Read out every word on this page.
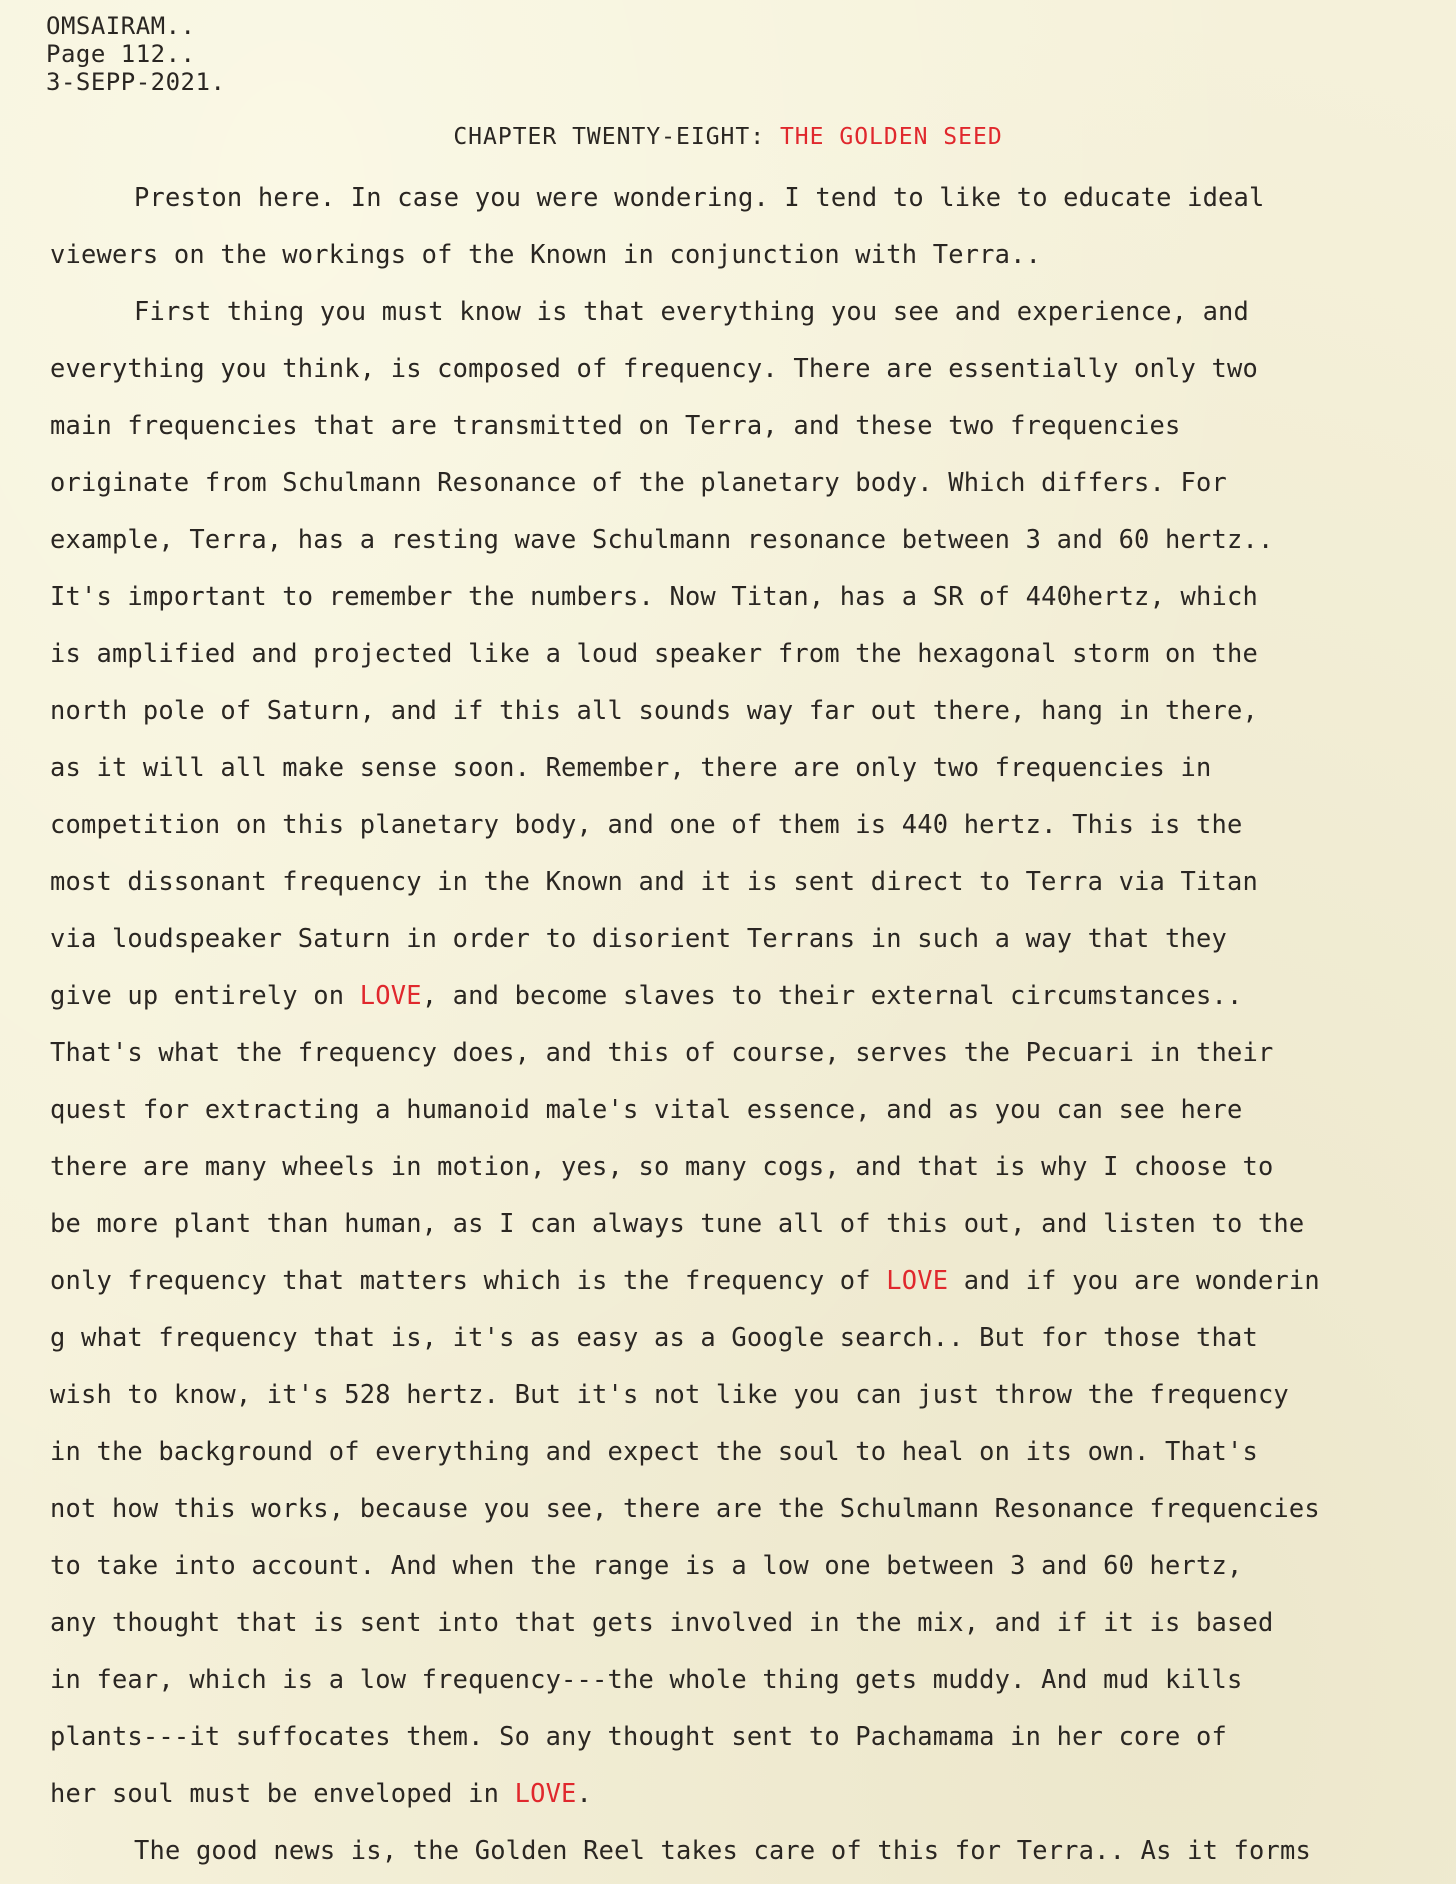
OMSAIRAM..
Page 112..
3-SEPP-2021.
CHAPTER TWENTY-EIGHT: THE GOLDEN SEED
Preston here. In case you were wondering. I tend to like to educate ideal
viewers on the workings of the Known in conjunction with Terra..
First thing you must know is that everything you see and experience, and
everything you think, is composed of frequency. There are essentially only two
main frequencies that are transmitted on Terra, and these two frequencies
originate from Schulmann Resonance of the planetary body. Which differs. For
example, Terra, has a resting wave Schulmann resonance between 3 and 60 hertz..
It's important to remember the numbers. Now Titan, has a SR of 440hertz, which
is amplified and projected like a loud speaker from the hexagonal storm on the
north pole of Saturn, and if this all sounds way far out there, hang in there,
as it will all make sense soon. Remember, there are only two frequencies in
competition on this planetary body, and one of them is 440 hertz. This is the
most dissonant frequency in the Known and it is sent direct to Terra via Titan
via loudspeaker Saturn in order to disorient Terrans in such a way that they
give up entirely on LOVE, and become slaves to their external circumstances..
That's what the frequency does, and this of course, serves the Pecuari in their
quest for extracting a humanoid male's vital essence, and as you can see here
there are many wheels in motion, yes, so many cogs, and that is why I choose to
be more plant than human, as I can always tune all of this out, and listen to the
only frequency that matters which is the frequency of LOVE and if you are wonderin
g what frequency that is, it's as easy as a Google search.. But for those that
wish to know, it's 528 hertz. But it's not like you can just throw the frequency
in the background of everything and expect the soul to heal on its own. That's
not how this works, because you see, there are the Schulmann Resonance frequencies
to take into account. And when the range is a low one between 3 and 60 hertz,
any thought that is sent into that gets involved in the mix, and if it is based
in fear, which is a low frequency---the whole thing gets muddy. And mud kills
plants---it suffocates them. So any thought sent to Pachamama in her core of
her soul must be enveloped in LOVE.
The good news is, the Golden Reel takes care of this for Terra.. As it forms
